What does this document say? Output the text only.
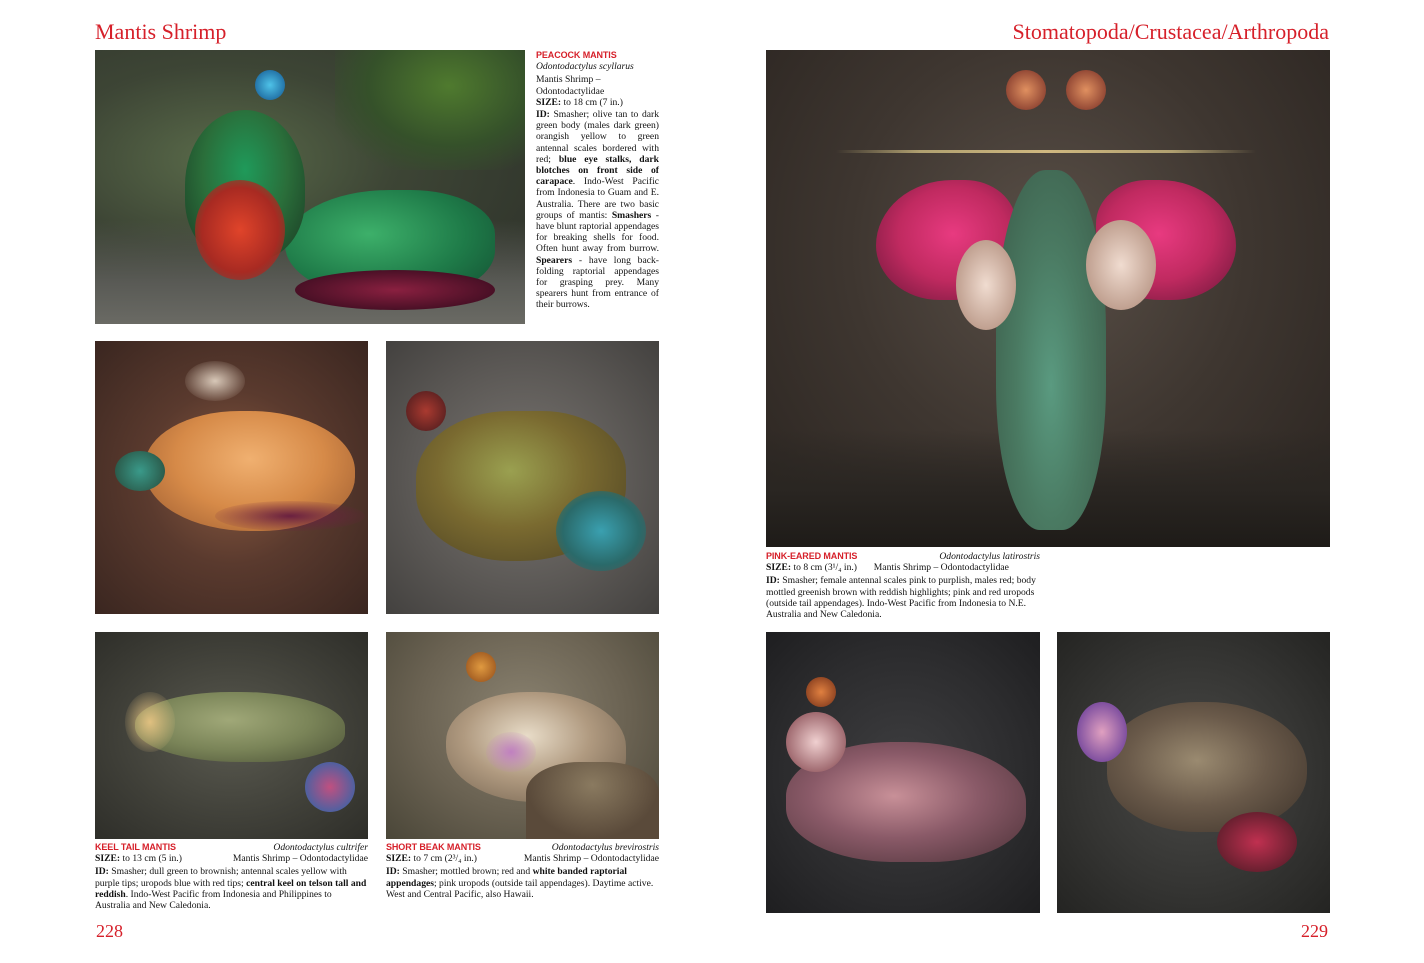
Mantis Shrimp
PEACOCK MANTIS
Odontodactylus scyllarus
Mantis Shrimp – Odontodactylidae
SIZE: to 18 cm (7 in.)
ID: Smasher; olive tan to dark green body (males dark green) orangish yellow to green antennal scales bordered with red; blue eye stalks, dark blotches on front side of carapace. Indo-West Pacific from Indonesia to Guam and E. Australia. There are two basic groups of mantis: Smashers - have blunt raptorial appendages for breaking shells for food. Often hunt away from burrow. Spearers - have long back-folding raptorial appendages for grasping prey. Many spearers hunt from entrance of their burrows.
KEEL TAIL MANTIS	Odontodactylus cultrifer
SIZE: to 13 cm (5 in.)	Mantis Shrimp – Odontodactylidae
ID: Smasher; dull green to brownish; antennal scales yellow with purple tips; uropods blue with red tips; central keel on telson tall and reddish. Indo-West Pacific from Indonesia and Philippines to Australia and New Caledonia.
SHORT BEAK MANTIS	Odontodactylus brevirostris
SIZE: to 7 cm (2³/₄ in.)	Mantis Shrimp – Odontodactylidae
ID: Smasher; mottled brown; red and white banded raptorial appendages; pink uropods (outside tail appendages). Daytime active. West and Central Pacific, also Hawaii.
228
Stomatopoda/Crustacea/Arthropoda
PINK-EARED MANTIS	Odontodactylus latirostris
SIZE: to 8 cm (3¹/₄ in.) Mantis Shrimp – Odontodactylidae
ID: Smasher; female antennal scales pink to purplish, males red; body mottled greenish brown with reddish highlights; pink and red uropods (outside tail appendages). Indo-West Pacific from Indonesia to N.E. Australia and New Caledonia.
229
